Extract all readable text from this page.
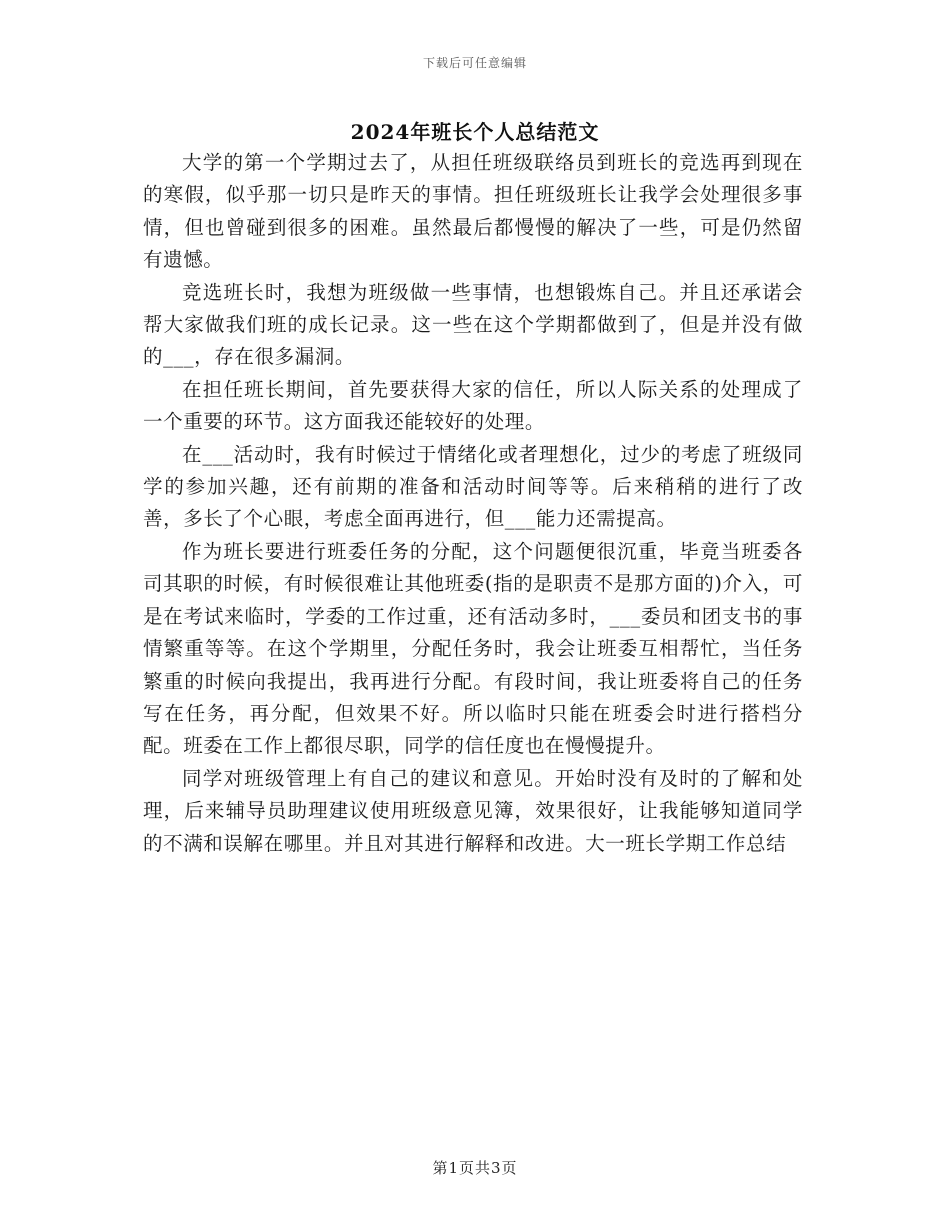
下载后可任意编辑
2024年班长个人总结范文

大学的第一个学期过去了，从担任班级联络员到班长的竞选再到现在的寒假，似乎那一切只是昨天的事情。担任班级班长让我学会处理很多事情，但也曾碰到很多的困难。虽然最后都慢慢的解决了一些，可是仍然留有遗憾。

竞选班长时，我想为班级做一些事情，也想锻炼自己。并且还承诺会帮大家做我们班的成长记录。这一些在这个学期都做到了，但是并没有做的___，存在很多漏洞。

在担任班长期间，首先要获得大家的信任，所以人际关系的处理成了一个重要的环节。这方面我还能较好的处理。

在___活动时，我有时候过于情绪化或者理想化，过少的考虑了班级同学的参加兴趣，还有前期的准备和活动时间等等。后来稍稍的进行了改善，多长了个心眼，考虑全面再进行，但___能力还需提高。

作为班长要进行班委任务的分配，这个问题便很沉重，毕竟当班委各司其职的时候，有时候很难让其他班委(指的是职责不是那方面的)介入，可是在考试来临时，学委的工作过重，还有活动多时，___委员和团支书的事情繁重等等。在这个学期里，分配任务时，我会让班委互相帮忙，当任务繁重的时候向我提出，我再进行分配。有段时间，我让班委将自己的任务写在任务，再分配，但效果不好。所以临时只能在班委会时进行搭档分配。班委在工作上都很尽职，同学的信任度也在慢慢提升。

同学对班级管理上有自己的建议和意见。开始时没有及时的了解和处理，后来辅导员助理建议使用班级意见簿，效果很好，让我能够知道同学的不满和误解在哪里。并且对其进行解释和改进。大一班长学期工作总结

第1页共3页
